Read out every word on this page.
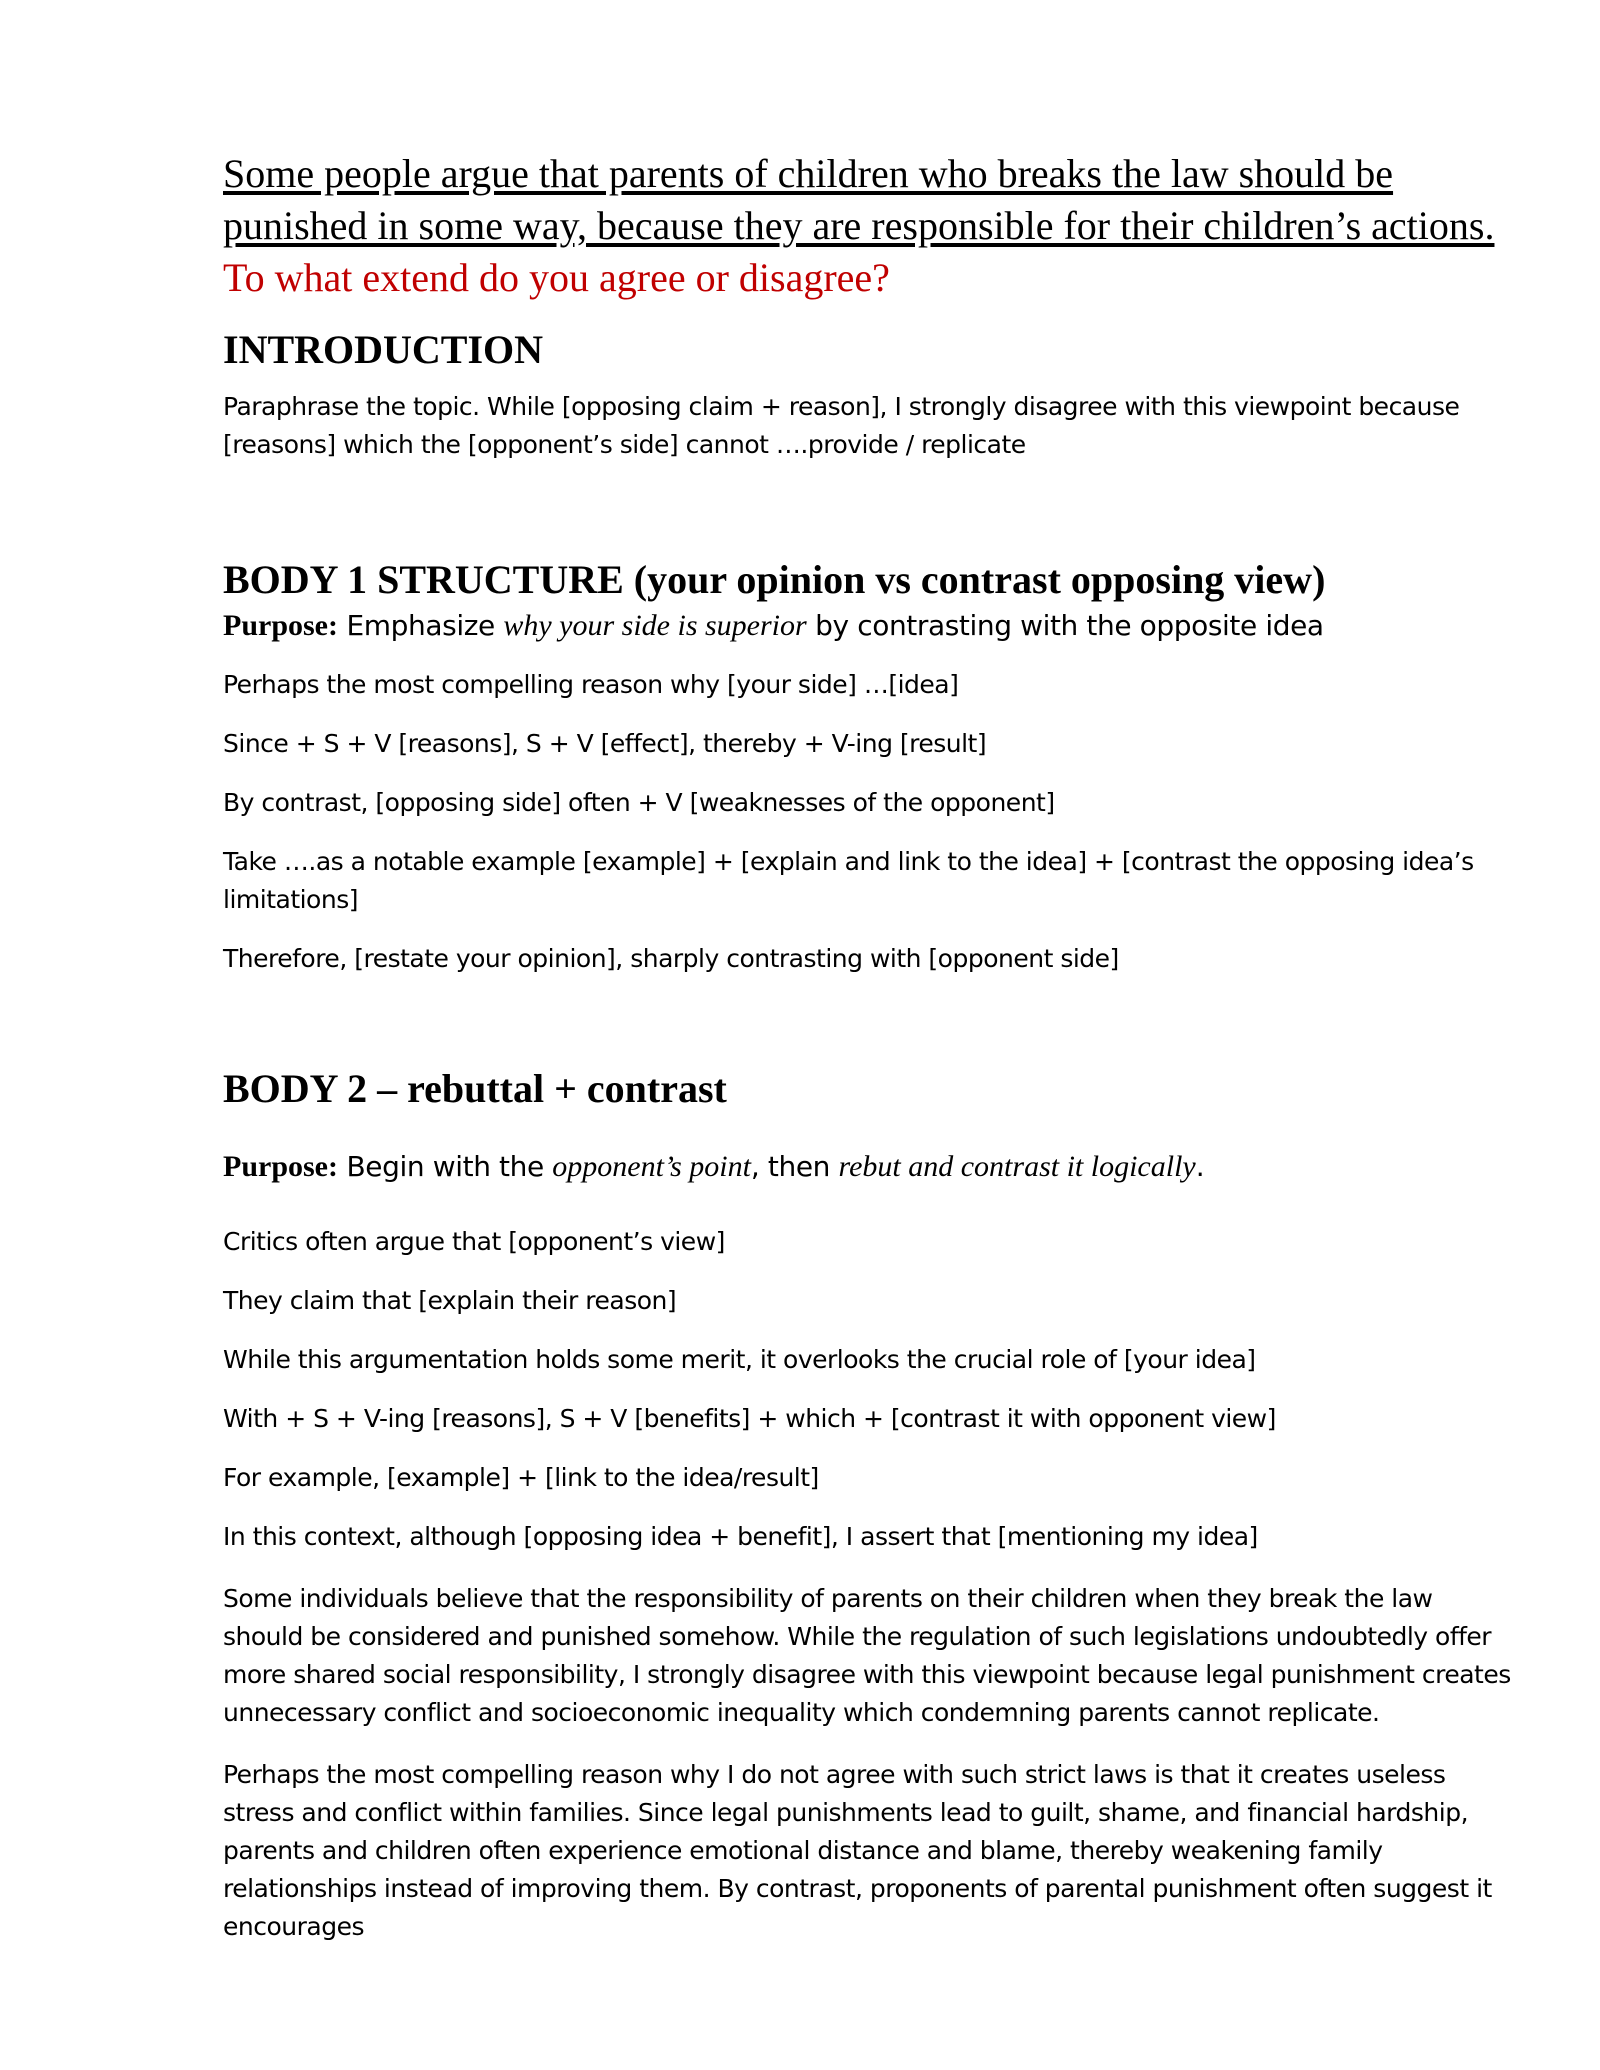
Some people argue that parents of children who breaks the law should be punished in some way, because they are responsible for their children’s actions. To what extend do you agree or disagree?

INTRODUCTION

Paraphrase the topic. While [opposing claim + reason], I strongly disagree with this viewpoint because [reasons] which the [opponent’s side] cannot ….provide / replicate

BODY 1 STRUCTURE (your opinion vs contrast opposing view)

Purpose: Emphasize why your side is superior by contrasting with the opposite idea

Perhaps the most compelling reason why [your side] …[idea]

Since + S + V [reasons], S + V [effect], thereby + V-ing [result]

By contrast, [opposing side] often + V [weaknesses of the opponent]

Take ….as a notable example [example] + [explain and link to the idea] + [contrast the opposing idea’s limitations]

Therefore, [restate your opinion], sharply contrasting with [opponent side]

BODY 2 – rebuttal + contrast

Purpose: Begin with the opponent’s point, then rebut and contrast it logically.

Critics often argue that [opponent’s view]

They claim that [explain their reason]

While this argumentation holds some merit, it overlooks the crucial role of [your idea]

With + S + V-ing [reasons], S + V [benefits] + which + [contrast it with opponent view]

For example, [example] + [link to the idea/result]

In this context, although [opposing idea + benefit], I assert that [mentioning my idea]

Some individuals believe that the responsibility of parents on their children when they break the law should be considered and punished somehow. While the regulation of such legislations undoubtedly offer more shared social responsibility, I strongly disagree with this viewpoint because legal punishment creates unnecessary conflict and socioeconomic inequality which condemning parents cannot replicate.

Perhaps the most compelling reason why I do not agree with such strict laws is that it creates useless stress and conflict within families. Since legal punishments lead to guilt, shame, and financial hardship, parents and children often experience emotional distance and blame, thereby weakening family relationships instead of improving them. By contrast, proponents of parental punishment often suggest it encourages
